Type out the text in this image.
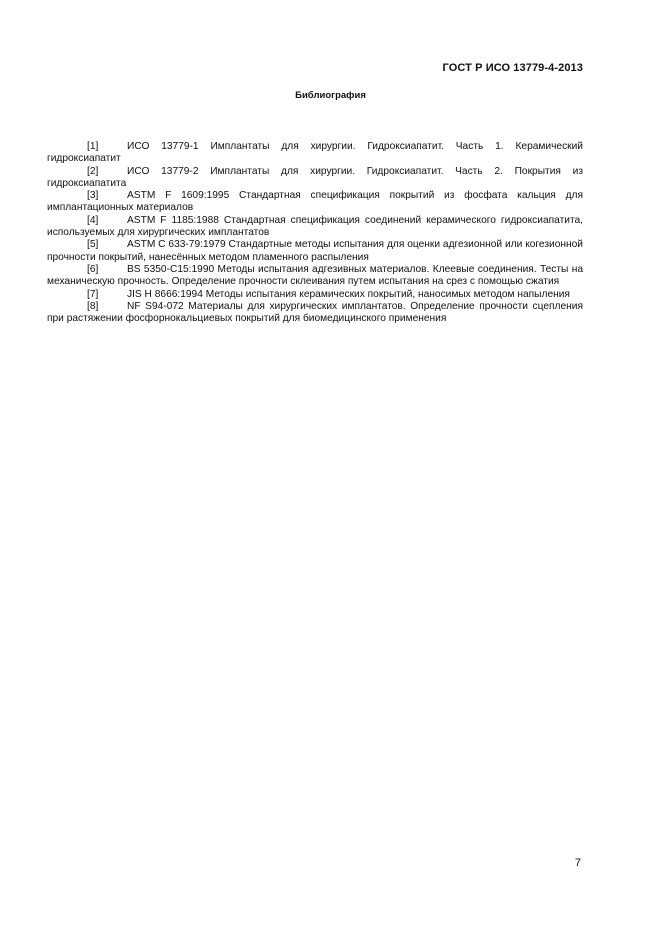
ГОСТ Р ИСО 13779-4-2013
Библиография

[1]	ИСО 13779-1 Имплантаты для хирургии. Гидроксиапатит. Часть 1. Керамический гидроксиапатит

[2]	ИСО 13779-2 Имплантаты для хирургии. Гидроксиапатит. Часть 2. Покрытия из гидроксиапатита

[3]	ASTM F 1609:1995 Стандартная спецификация покрытий из фосфата кальция для имплантационных материалов

[4]	ASTM F 1185:1988 Стандартная спецификация соединений керамического гидроксиапатита, используемых для хирургических имплантатов

[5]	ASTM C 633-79:1979 Стандартные методы испытания для оценки адгезионной или когезионной прочности покрытий, нанесённых методом пламенного распыления

[6]	BS 5350-C15:1990 Методы испытания адгезивных материалов. Клеевые соединения. Тесты на механическую прочность. Определение прочности склеивания путем испытания на срез с помощью сжатия

[7]	JIS H 8666:1994 Методы испытания керамических покрытий, наносимых методом напыления

[8]	NF S94-072 Материалы для хирургических имплантатов. Определение прочности сцепления при растяжении фосфорнокальциевых покрытий для биомедицинского применения

7
